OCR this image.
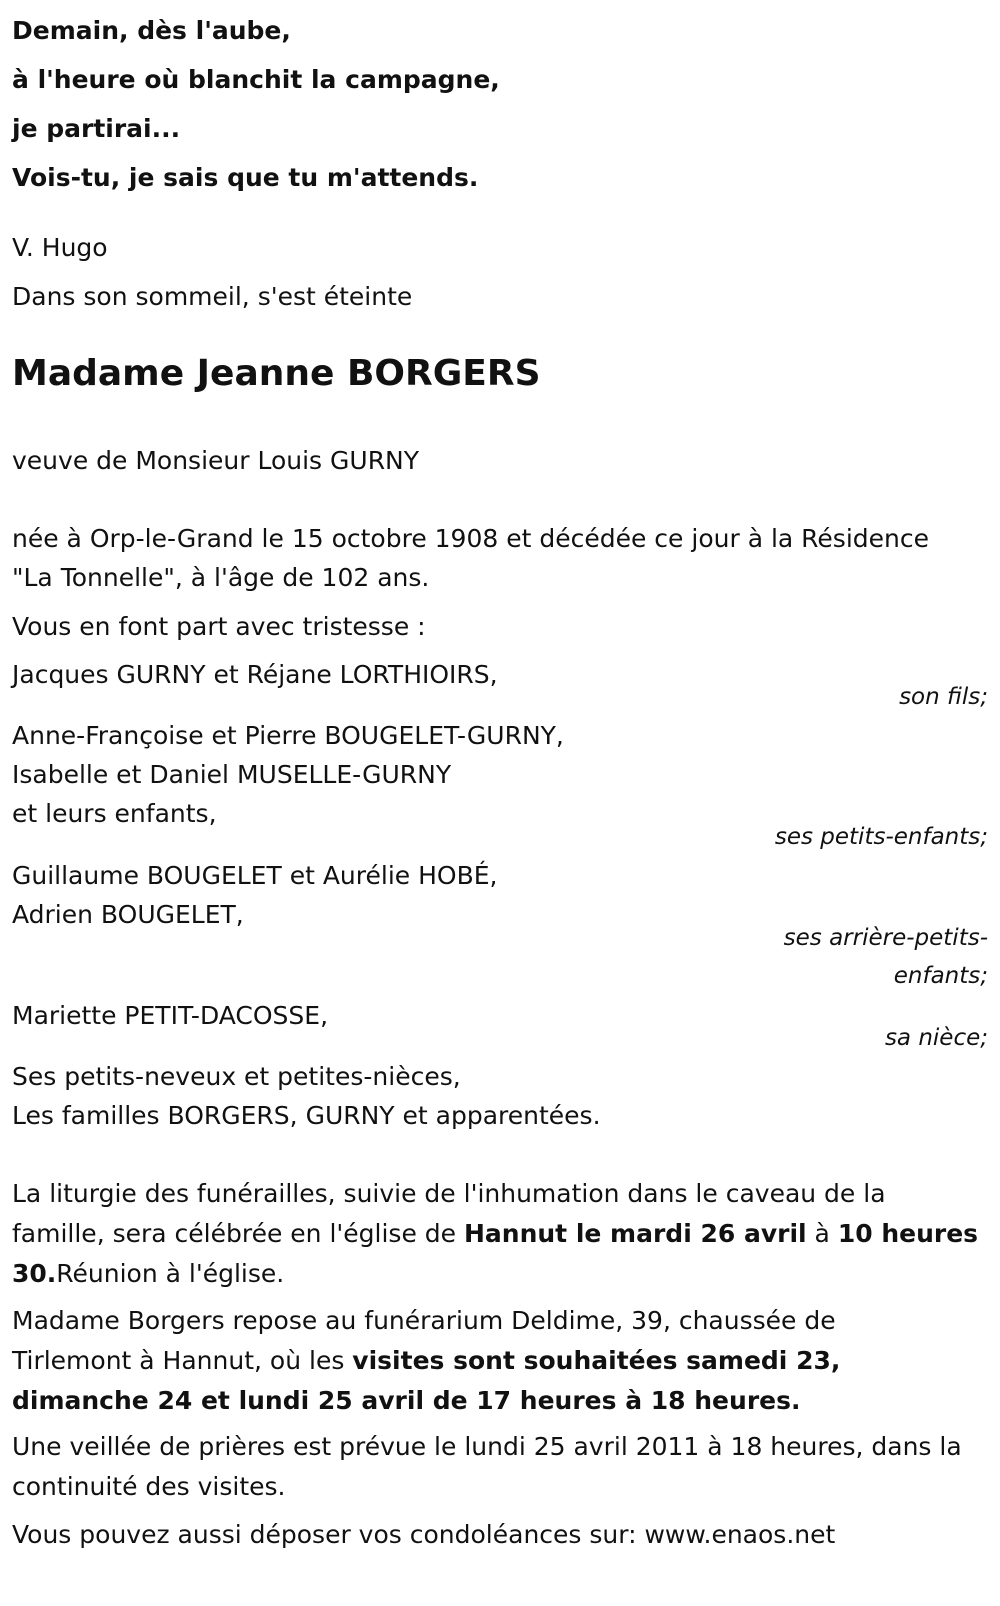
Demain, dès l'aube,

à l'heure où blanchit la campagne,

je partirai...

Vois-tu, je sais que tu m'attends.

V. Hugo

Dans son sommeil, s'est éteinte

Madame Jeanne BORGERS

veuve de Monsieur Louis GURNY

née à Orp-le-Grand le 15 octobre 1908 et décédée ce jour à la Résidence

"La Tonnelle", à l'âge de 102 ans.

Vous en font part avec tristesse :

Jacques GURNY et Réjane LORTHIOIRS,

son fils;

Anne-Françoise et Pierre BOUGELET-GURNY,

Isabelle et Daniel MUSELLE-GURNY

et leurs enfants,

ses petits-enfants;

Guillaume BOUGELET et Aurélie HOBÉ,

Adrien BOUGELET,

ses arrière-petits-
enfants;

Mariette PETIT-DACOSSE,

sa nièce;

Ses petits-neveux et petites-nièces,

Les familles BORGERS, GURNY et apparentées.

La liturgie des funérailles, suivie de l'inhumation dans le caveau de la

famille, sera célébrée en l'église de Hannut le mardi 26 avril à 10 heures

30.Réunion à l'église.

Madame Borgers repose au funérarium Deldime, 39, chaussée de

Tirlemont à Hannut, où les visites sont souhaitées samedi 23,

dimanche 24 et lundi 25 avril de 17 heures à 18 heures.

Une veillée de prières est prévue le lundi 25 avril 2011 à 18 heures, dans la

continuité des visites.

Vous pouvez aussi déposer vos condoléances sur: www.enaos.net
